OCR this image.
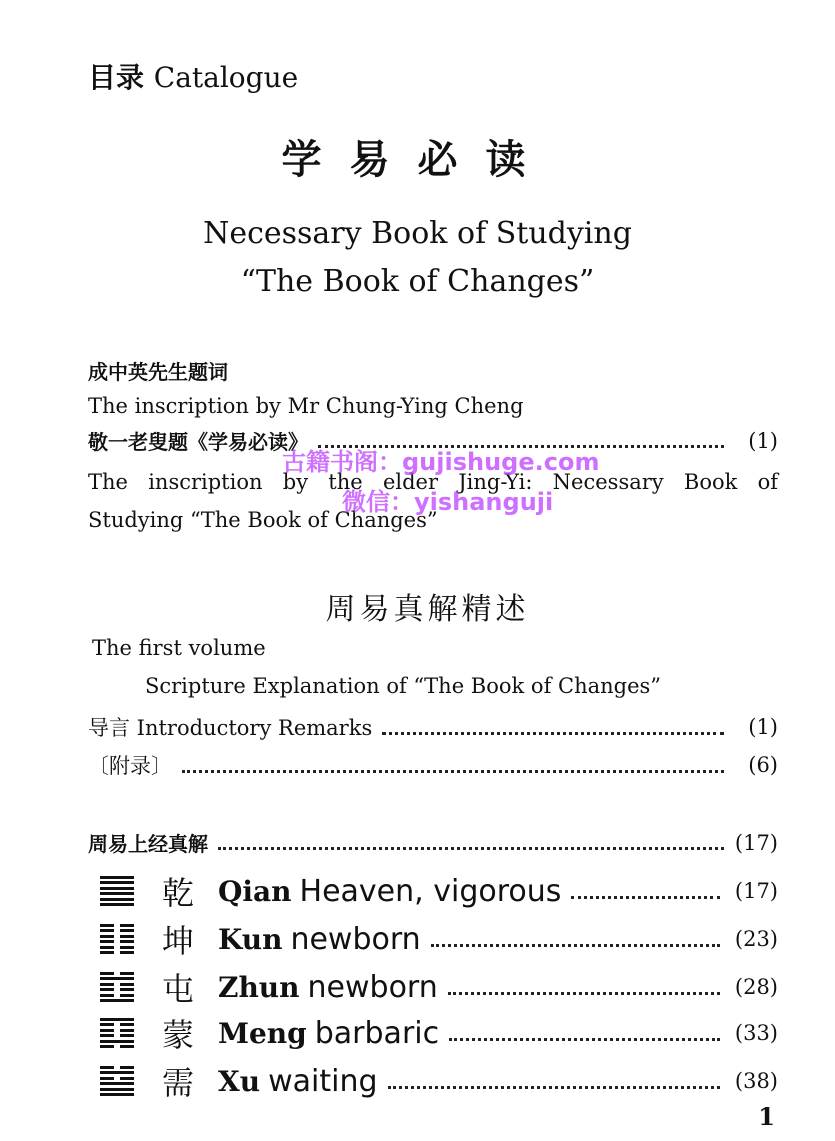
目录 Catalogue
学易必读
Necessary Book of Studying
“The Book of Changes”
成中英先生题词
The inscription by Mr Chung-Ying Cheng
敬一老叟题《学易必读》	(1)
The inscription by the elder Jing-Yi: Necessary Book of
Studying “The Book of Changes”
古籍书阁：gujishuge.com
微信：yishanguji
周易真解精述
The first volume
Scripture Explanation of “The Book of Changes”
导言 Introductory Remarks	(1)
〔附录〕	(6)
周易上经真解	(17)
乾 Qian Heaven, vigorous	(17)
坤 Kun newborn	(23)
屯 Zhun newborn	(28)
蒙 Meng barbaric	(33)
需 Xu waiting	(38)
1
